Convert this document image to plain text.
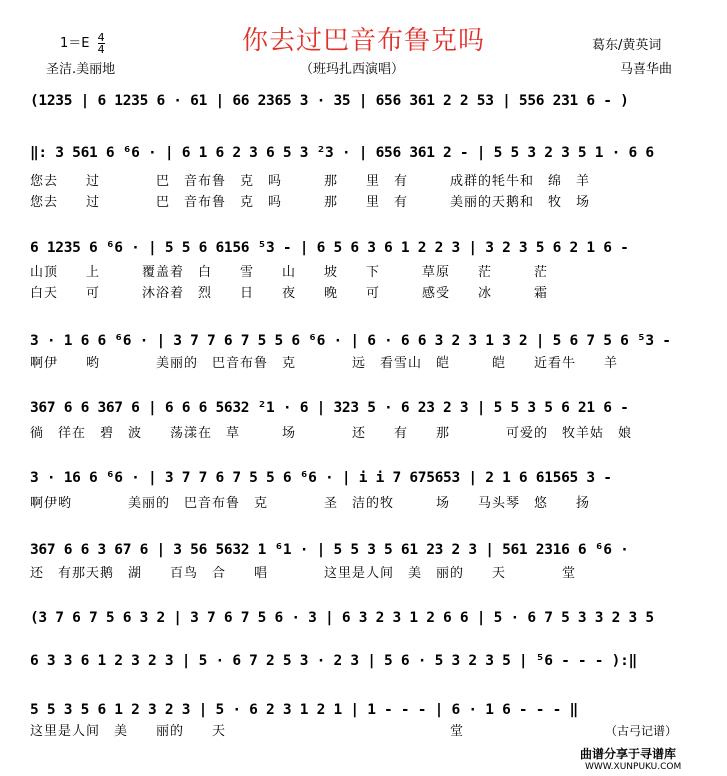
你去过巴音布鲁克吗
$1=E \frac{4}{4}$
圣洁.美丽地	（班玛扎西演唱）
葛东/黄英词
马喜华曲
(1235 | 6 1235 6 · 61 | 66 2365 3 · 35 | 656 361 2 2 53 | 556 231 6 - )
‖: 3 561 6 ⁶6 · | 6 1 6 2 3 6 5 3 ²3 · | 656 361 2 - | 5 5 3 2 3 5 1 · 6 6
您去　　过　　　　巴　音布鲁　克　吗　　　那　　里　有　　　成群的牦牛和　绵　羊
您去　　过　　　　巴　音布鲁　克　吗　　　那　　里　有　　　美丽的天鹅和　牧　场
6 1235 6 ⁶6 · | 5 5 6 6156 ⁵3 - | 6 5 6 3 6 1 2 2 3 | 3 2 3 5 6 2 1 6 -
山顶　　上　　　覆盖着　白　　雪　　山　　坡　　下　　　草原　　茫　　　茫
白天　　可　　　沐浴着　烈　　日　　夜　　晚　　可　　　感受　　冰　　　霜
3 · 1 6 6 ⁶6 · | 3 7 7 6 7 5 5 6 ⁶6 · | 6 · 6 6 3 2 3 1 3 2 | 5 6 7 5 6 ⁵3 -
啊伊　　哟　　　　美丽的　巴音布鲁　克　　　　远　看雪山　皑　　　皑　　近看牛　　羊
367 6 6 367 6 | 6 6 6 5632 ²1 · 6 | 323 5 · 6 23 2 3 | 5 5 3 5 6 21 6 -
徜　徉在　碧　波　　荡漾在　草　　　场　　　　还　　有　　那　　　　可爱的　牧羊姑　娘
3 · 16 6 ⁶6 · | 3 7 7 6 7 5 5 6 ⁶6 · | i i 7 675653 | 2 1 6 61565 3 -
啊伊哟　　　　美丽的　巴音布鲁　克　　　　圣　洁的牧　　　场　　马头琴　悠　　扬
367 6 6 3 67 6 | 3 56 5632 1 ⁶1 · | 5 5 3 5 61 23 2 3 | 561 2316 6 ⁶6 ·
还　有那天鹅　湖　　百鸟　合　　唱　　　　这里是人间　美　丽的　　天　　　　堂
(3 7 6 7 5 6 3 2 | 3 7 6 7 5 6 · 3 | 6 3 2 3 1 2 6 6 | 5 · 6 7 5 3 3 2 3 5
6 3 3 6 1 2 3 2 3 | 5 · 6 7 2 5 3 · 2 3 | 5 6 · 5 3 2 3 5 | ⁵6 - - - ):‖
5 5 3 5 6 1 2 3 2 3 | 5 · 6 2 3 1 2 1 | 1 - - - | 6 · 1 6 - - - ‖
这里是人间　美　　丽的　　天　　　　　　　　　　　　　　　　堂	（古弓记谱）
曲谱分享于寻谱库
WWW.XUNPUKU.COM
